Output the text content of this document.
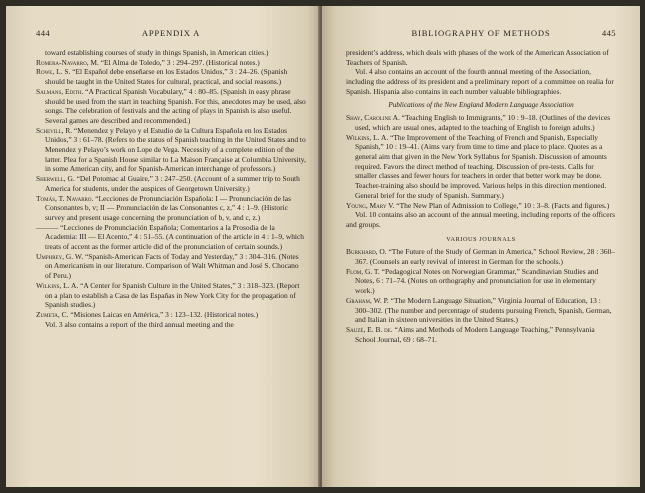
444	APPENDIX A

toward establishing courses of study in things Spanish, in American cities.)

Romera-Navarro, M. “El Alma de Toledo,” 3 : 294–297. (Historical notes.)

Rowe, L. S. “El Español debe enseñarse en los Estados Unidos,” 3 : 24–26. (Spanish should be taught in the United States for cultural, practical, and social reasons.)

Salmans, Edith. “A Practical Spanish Vocabulary,” 4 : 80–85. (Spanish in easy phrase should be used from the start in teaching Spanish. For this, anecdotes may be used, also songs. The celebration of festivals and the acting of plays in Spanish is also useful. Several games are described and recommended.)

Schevill, R. “Menendez y Pelayo y el Estudio de la Cultura Española en los Estados Unidos,” 3 : 61–78. (Refers to the status of Spanish teaching in the United States and to Menendez y Pelayo’s work on Lope de Vega. Necessity of a complete edition of the latter. Plea for a Spanish House similar to La Maison Française at Columbia University, in some American city, and for Spanish-American interchange of professors.)

Sherwell, G. “Del Potomac al Guaire,” 3 : 247–250. (Account of a summer trip to South America for students, under the auspices of Georgetown University.)

Tomás, T. Navarro. “Lecciones de Pronunciación Española: I — Pronunciación de las Consonantes b, v; II — Pronunciación de las Consonantes c, z,” 4 : 1–9. (Historic survey and present usage concerning the pronunciation of b, v, and c, z.)

——— “Lecciones de Pronunciación Española; Comentarios a la Prosodia de la Academia: III — El Acento,” 4 : 51–55. (A continuation of the article in 4 : 1–9, which treats of accent as the former article did of the pronunciation of certain sounds.)

Umphrey, G. W. “Spanish-American Facts of Today and Yesterday,” 3 : 304–316. (Notes on Americanism in our literature. Comparison of Walt Whitman and José S. Chocano of Peru.)

Wilkins, L. A. “A Center for Spanish Culture in the United States,” 3 : 318–323. (Report on a plan to establish a Casa de las Españas in New York City for the propagation of Spanish studies.)

Zumeta, C. “Misiones Laicas en América,” 3 : 123–132. (Historical notes.)

Vol. 3 also contains a report of the third annual meeting and the

BIBLIOGRAPHY OF METHODS	445

president’s address, which deals with phases of the work of the American Association of Teachers of Spanish.

Vol. 4 also contains an account of the fourth annual meeting of the Association, including the address of its president and a preliminary report of a committee on realia for Spanish. Hispania also contains in each number valuable bibliographies.

Publications of the New England Modern Language Association

Shay, Caroline A. “Teaching English to Immigrants,” 10 : 9–18. (Outlines of the devices used, which are usual ones, adapted to the teaching of English to foreign adults.)

Wilkins, L. A. “The Improvement of the Teaching of French and Spanish, Especially Spanish,” 10 : 19–41. (Aims vary from time to time and place to place. Quotes as a general aim that given in the New York Syllabus for Spanish. Discussion of amounts required. Favors the direct method of teaching. Discussion of pre-tests. Calls for smaller classes and fewer hours for teachers in order that better work may be done. Teacher-training also should be improved. Various helps in this direction mentioned. General brief for the study of Spanish. Summary.)

Young, Mary V. “The New Plan of Admission to College,” 10 : 3–8. (Facts and figures.)

Vol. 10 contains also an account of the annual meeting, including reports of the officers and groups.

VARIOUS JOURNALS

Burkhard, O. “The Future of the Study of German in America,” School Review, 28 : 360–367. (Counsels an early revival of interest in German for the schools.)

Flom, G. T. “Pedagogical Notes on Norwegian Grammar,” Scandinavian Studies and Notes, 6 : 71–74. (Notes on orthography and pronunciation for use in elementary work.)

Graham, W. P. “The Modern Language Situation,” Virginia Journal of Education, 13 : 300–302. (The number and percentage of students pursuing French, Spanish, German, and Italian in sixteen universities in the United States.)

Sauzé, E. B. de. “Aims and Methods of Modern Language Teaching,” Pennsylvania School Journal, 69 : 68–71.
